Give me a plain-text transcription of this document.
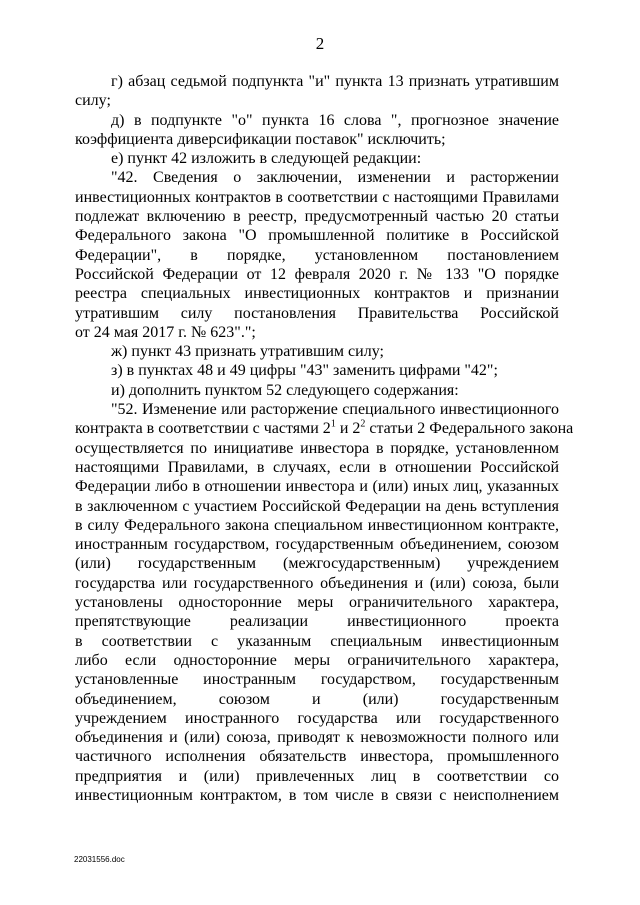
2
г) абзац седьмой подпункта "и" пункта 13 признать утратившим
силу;
д) в подпункте "о" пункта 16 слова ", прогнозное значение
коэффициента диверсификации поставок" исключить;
е) пункт 42 изложить в следующей редакции:
"42. Сведения о заключении, изменении и расторжении
инвестиционных контрактов в соответствии с настоящими Правилами
подлежат включению в реестр, предусмотренный частью 20 статьи
Федерального закона "О промышленной политике в Российской
Федерации", в порядке, установленном постановлением
Российской Федерации от 12 февраля 2020 г. № 133 "О порядке
реестра специальных инвестиционных контрактов и признании
утратившим силу постановления Правительства Российской
от 24 мая 2017 г. № 623".";
ж) пункт 43 признать утратившим силу;
з) в пунктах 48 и 49 цифры "43" заменить цифрами "42";
и) дополнить пунктом 52 следующего содержания:
"52. Изменение или расторжение специального инвестиционного
контракта в соответствии с частями $2^1$ и $2^2$ статьи 2 Федерального закона
осуществляется по инициативе инвестора в порядке, установленном
настоящими Правилами, в случаях, если в отношении Российской
Федерации либо в отношении инвестора и (или) иных лиц, указанных
в заключенном с участием Российской Федерации на день вступления
в силу Федерального закона специальном инвестиционном контракте,
иностранным государством, государственным объединением, союзом
(или) государственным (межгосударственным) учреждением
государства или государственного объединения и (или) союза, были
установлены односторонние меры ограничительного характера,
препятствующие реализации инвестиционного проекта
в соответствии с указанным специальным инвестиционным
либо если односторонние меры ограничительного характера,
установленные иностранным государством, государственным
объединением, союзом и (или) государственным
учреждением иностранного государства или государственного
объединения и (или) союза, приводят к невозможности полного или
частичного исполнения обязательств инвестора, промышленного
предприятия и (или) привлеченных лиц в соответствии со
инвестиционным контрактом, в том числе в связи с неисполнением
22031556.doc
